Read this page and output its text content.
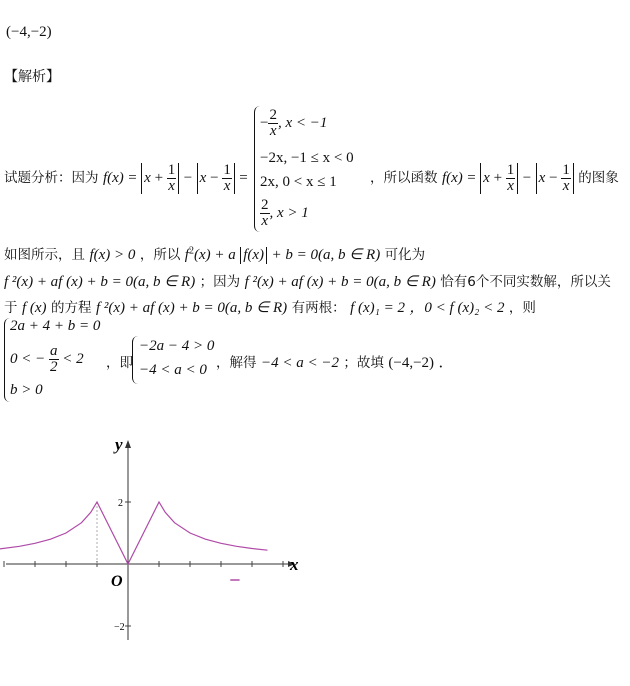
(−4,−2)
【解析】
试题分析：因为 $f(x) = x + \frac{1}{x} - x - \frac{1}{x}$ =
− $\frac{2}{x}$ , x < −1
−2x, −1 ≤ x < 0
2x, 0 < x ≤ 1
$\frac{2}{x}$ , x > 1
，所以函数 $f(x) = x + \frac{1}{x} - x - \frac{1}{x}$ 的图象
如图所示，且 f(x) > 0 ，所以 $f^2(x) + a$ f(x) + b = 0(a, b ∈ R) 可化为
f ²(x) + af (x) + b = 0(a, b ∈ R) ；因为 f ²(x) + af (x) + b = 0(a, b ∈ R) 恰有6个不同实数解，所以关
于 f (x) 的方程 f ²(x) + af (x) + b = 0(a, b ∈ R) 有两根： f (x)₁ = 2 ，0 < f (x)₂ < 2 ，则
2a + 4 + b = 0
0 < − $\frac{a}{2} < 2$
b > 0
，即
−2a − 4 > 0
−4 < a < 0 ，解得 −4 < a < −2 ；故填 (−4,−2) ．
x
y
O
2
−2
